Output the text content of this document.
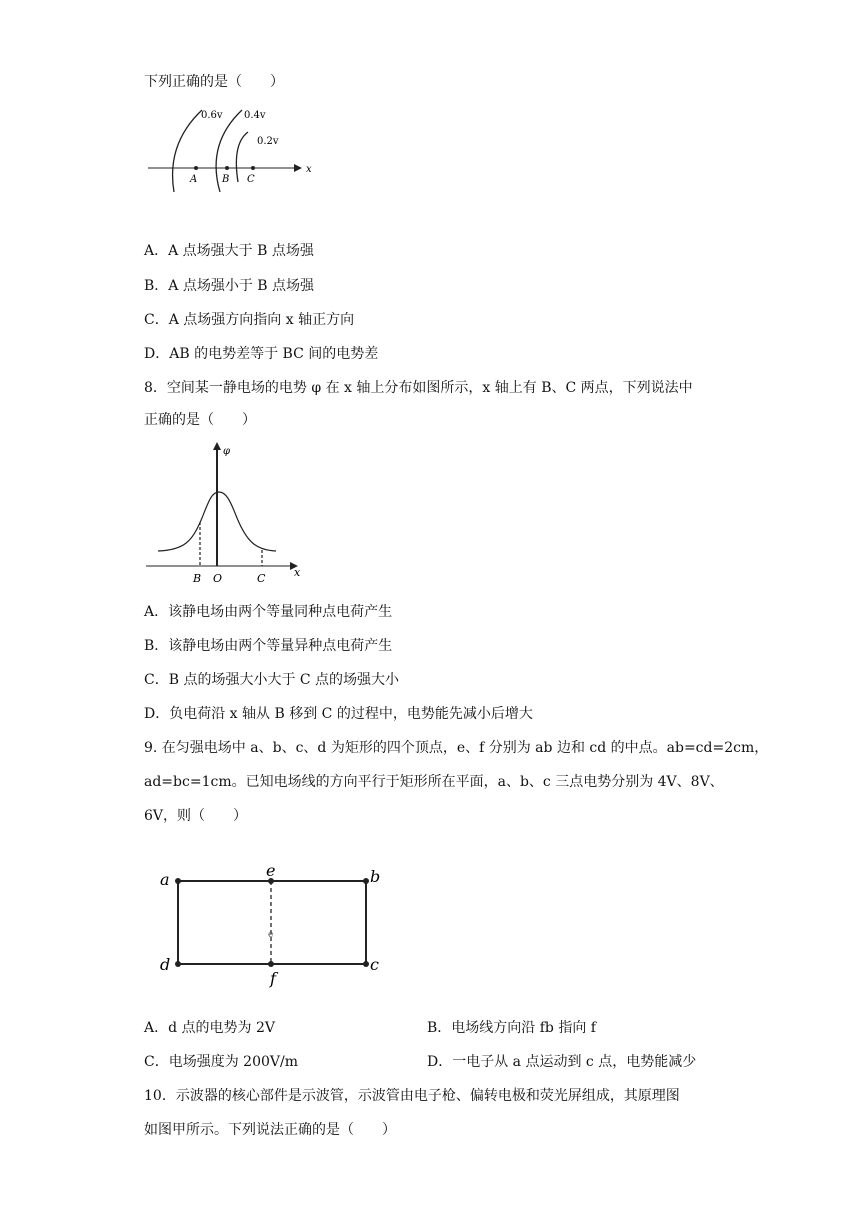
下列正确的是（　　）
0.6v 0.4v
0.2v
x
A B C
A．A 点场强大于 B 点场强
B．A 点场强小于 B 点场强
C．A 点场强方向指向 x 轴正方向
D．AB 的电势差等于 BC 间的电势差
8．空间某一静电场的电势 φ 在 x 轴上分布如图所示，x 轴上有 B、C 两点，下列说法中
正确的是（　　）
φ
x
B O	C
A．该静电场由两个等量同种点电荷产生
B．该静电场由两个等量异种点电荷产生
C．B 点的场强大小大于 C 点的场强大小
D．负电荷沿 x 轴从 B 移到 C 的过程中，电势能先减小后增大
9. 在匀强电场中 a、b、c、d 为矩形的四个顶点，e、f 分别为 ab 边和 cd 的中点。ab=cd=2cm，
ad=bc=1cm。已知电场线的方向平行于矩形所在平面，a、b、c 三点电势分别为 4V、8V、
6V，则（　　）
a	e	b
d
f
c
e
A．d 点的电势为 2V	B．电场线方向沿 fb 指向 f
C．电场强度为 200V/m	D．一电子从 a 点运动到 c 点，电势能减少
10．示波器的核心部件是示波管，示波管由电子枪、偏转电极和荧光屏组成，其原理图
如图甲所示。下列说法正确的是（　　）
